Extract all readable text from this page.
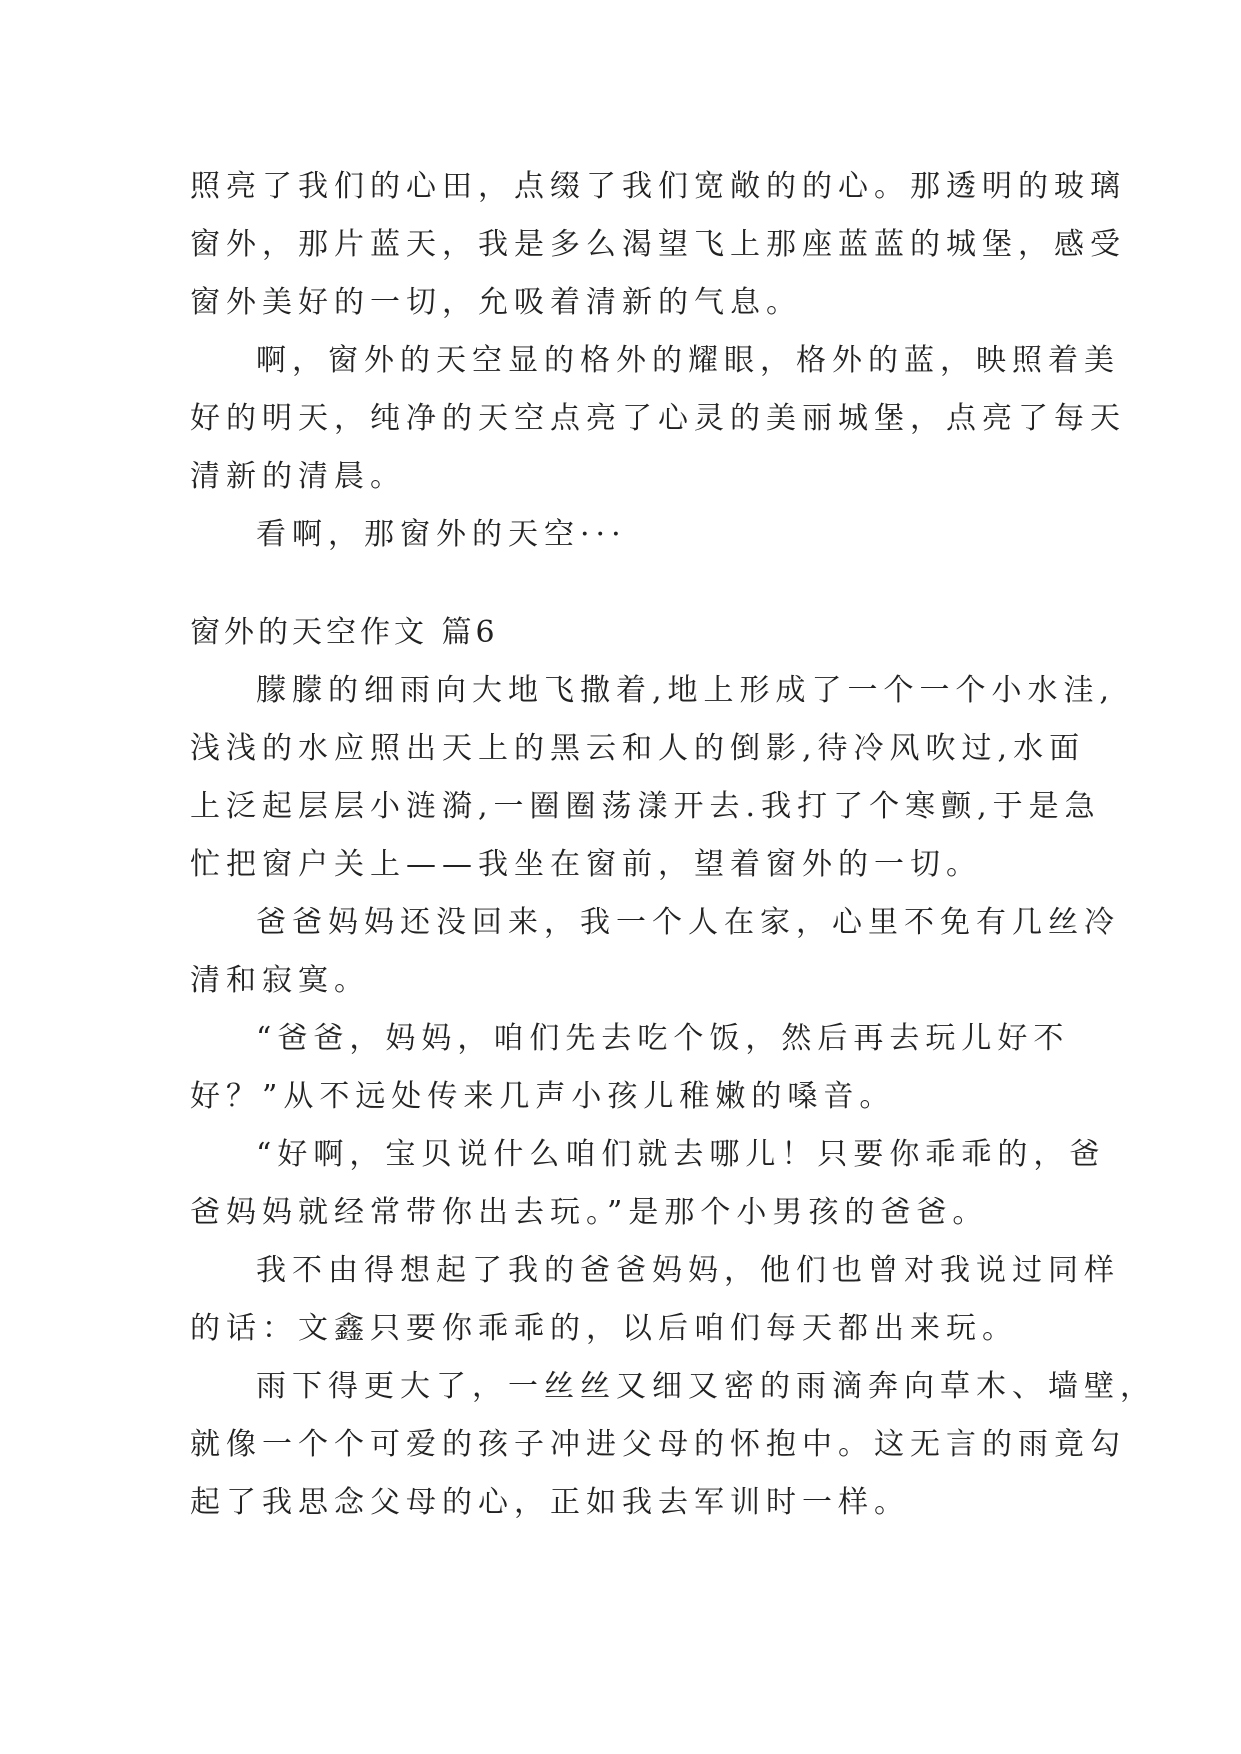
照亮了我们的心田，点缀了我们宽敞的的心。那透明的玻璃
窗外，那片蓝天，我是多么渴望飞上那座蓝蓝的城堡，感受
窗外美好的一切，允吸着清新的气息。
啊，窗外的天空显的格外的耀眼，格外的蓝，映照着美
好的明天，纯净的天空点亮了心灵的美丽城堡，点亮了每天
清新的清晨。
看啊，那窗外的天空···
窗外的天空作文 篇6
朦朦的细雨向大地飞撒着,地上形成了一个一个小水洼,
浅浅的水应照出天上的黑云和人的倒影,待冷风吹过,水面
上泛起层层小涟漪,一圈圈荡漾开去.我打了个寒颤,于是急
忙把窗户关上——我坐在窗前，望着窗外的一切。
爸爸妈妈还没回来，我一个人在家，心里不免有几丝冷
清和寂寞。
“爸爸，妈妈，咱们先去吃个饭，然后再去玩儿好不
好？”从不远处传来几声小孩儿稚嫩的嗓音。
“好啊，宝贝说什么咱们就去哪儿！只要你乖乖的，爸
爸妈妈就经常带你出去玩。”是那个小男孩的爸爸。
我不由得想起了我的爸爸妈妈，他们也曾对我说过同样
的话：文鑫只要你乖乖的，以后咱们每天都出来玩。
雨下得更大了，一丝丝又细又密的雨滴奔向草木、墙壁，
就像一个个可爱的孩子冲进父母的怀抱中。这无言的雨竟勾
起了我思念父母的心，正如我去军训时一样。
